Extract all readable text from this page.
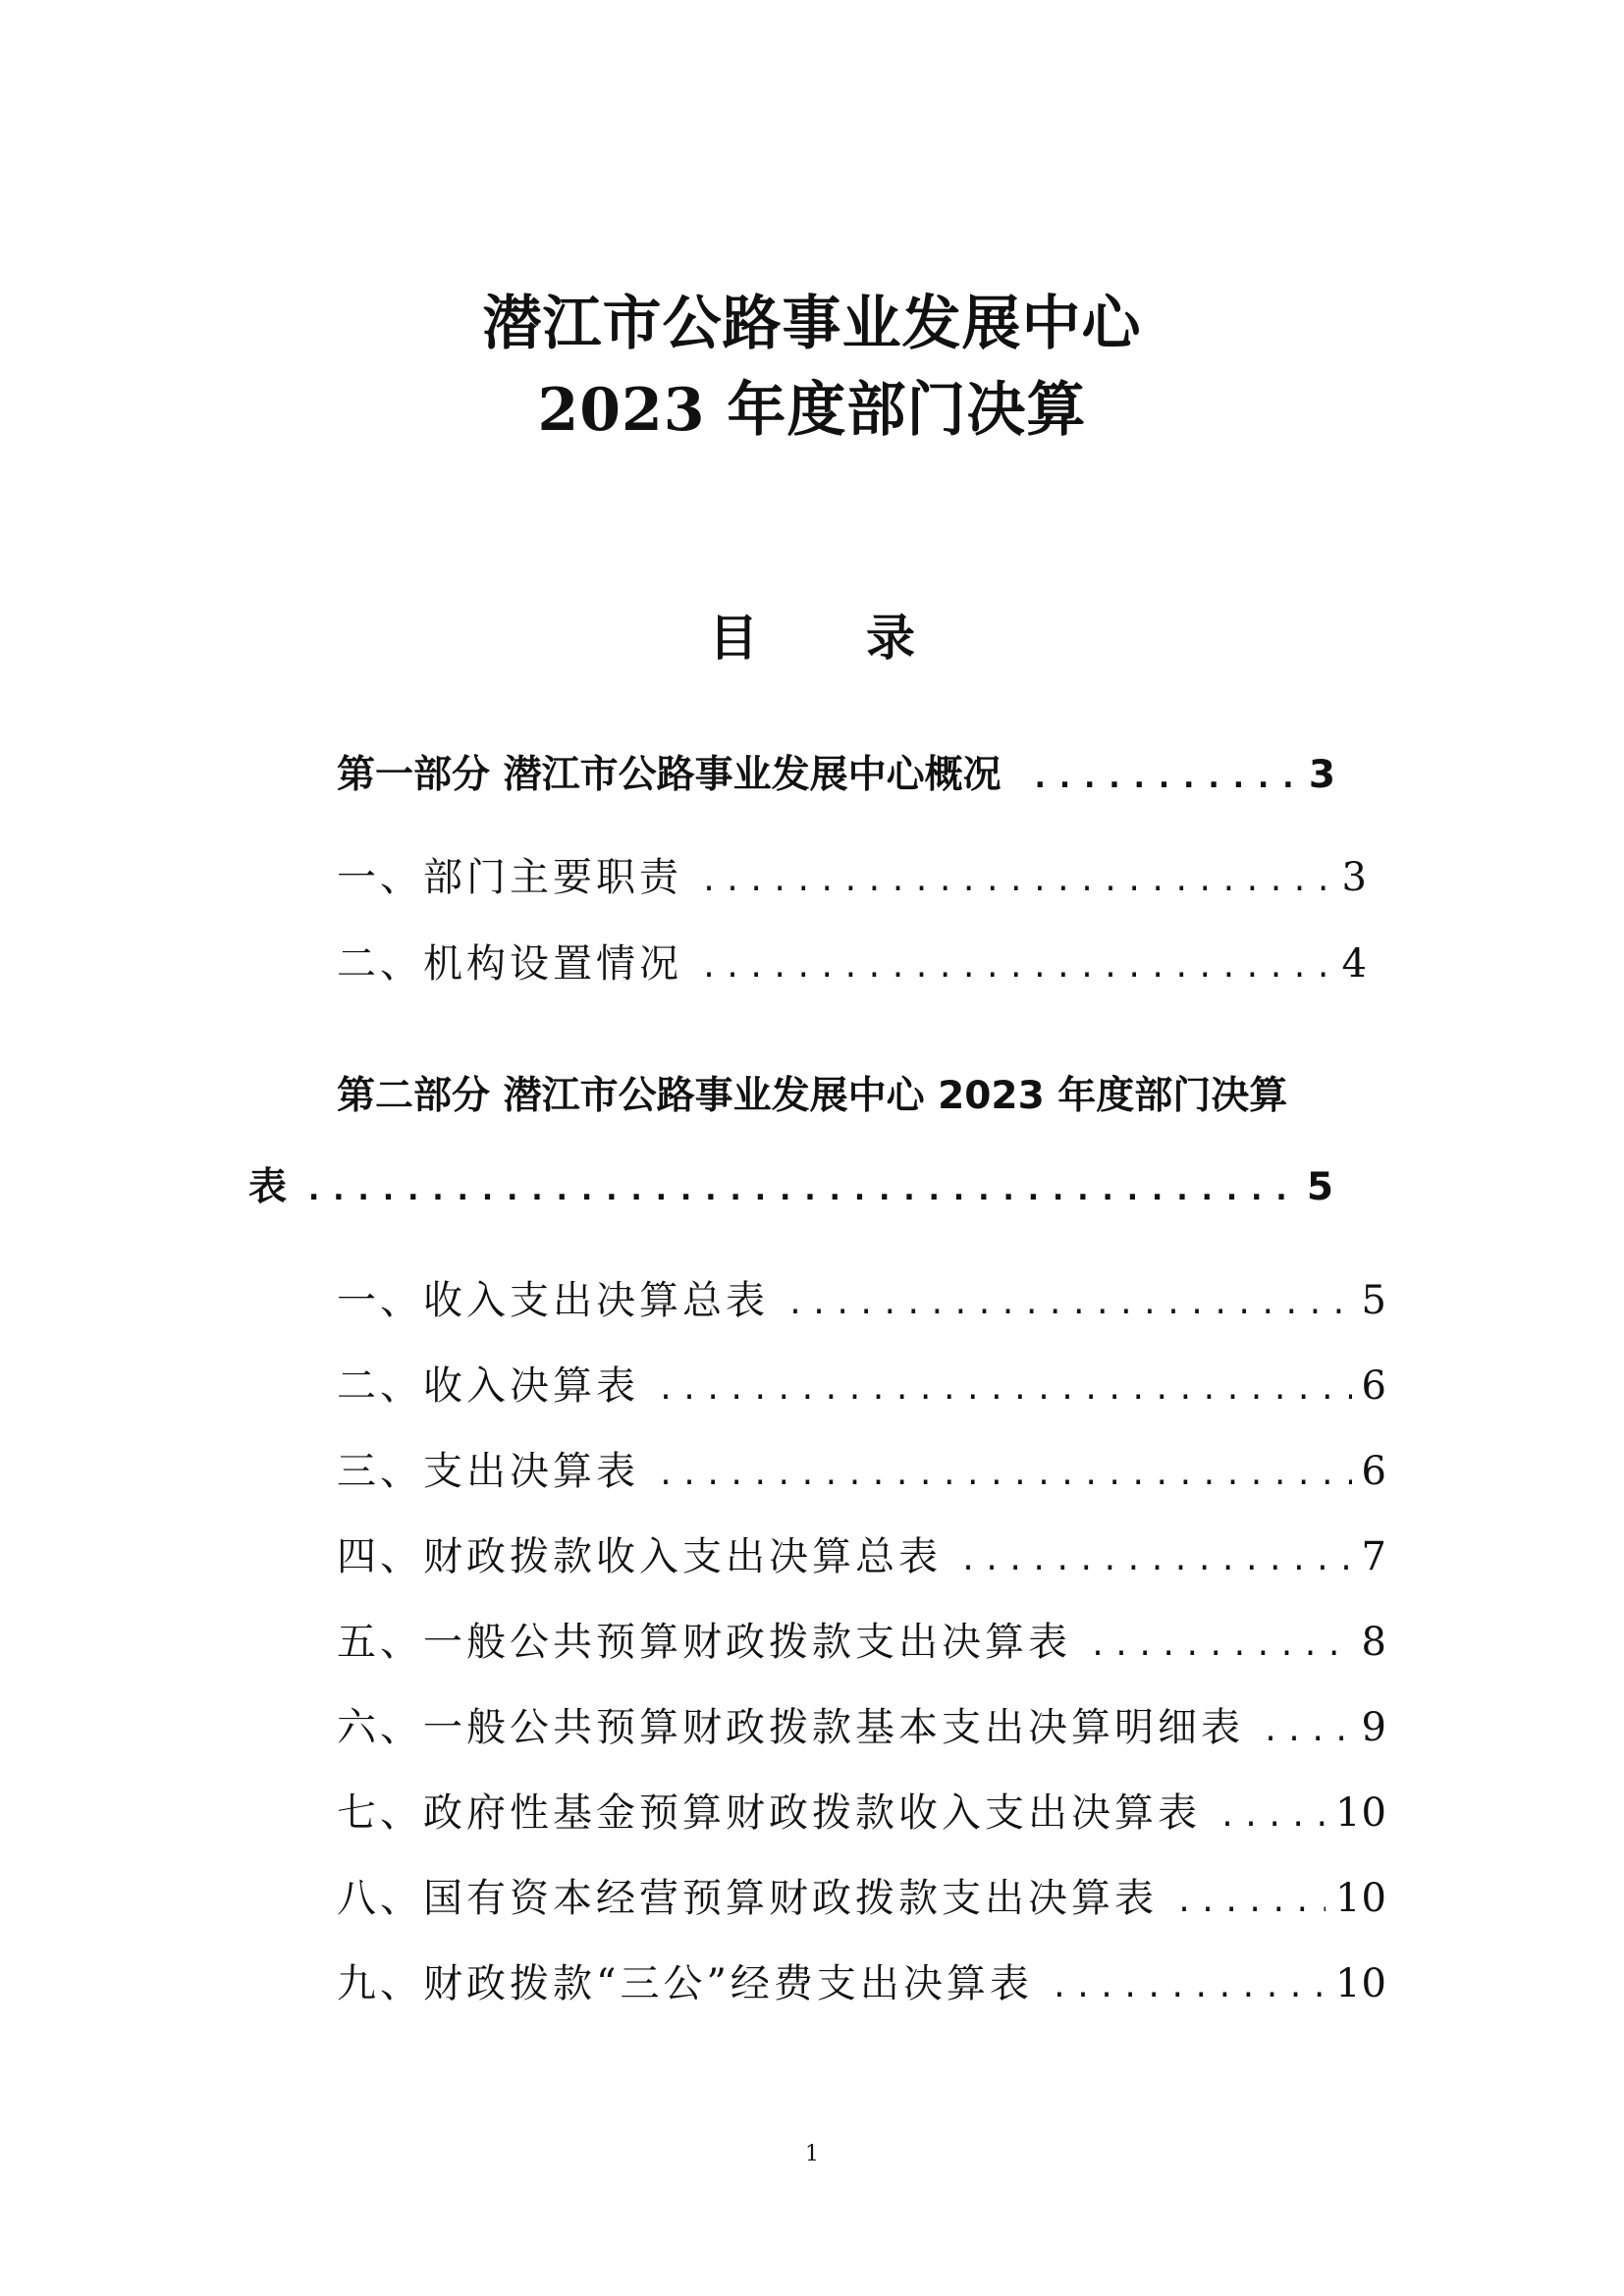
潜江市公路事业发展中心
2023 年度部门决算
目 录
第一部分 潜江市公路事业发展中心概况 .....	3
一、部门主要职责 .....	3
二、机构设置情况 .....	4
第二部分 潜江市公路事业发展中心 2023 年度部门决算
表 .....	5
一、收入支出决算总表 .....	5
二、收入决算表 .....	6
三、支出决算表 .....	6
四、财政拨款收入支出决算总表 .....	7
五、一般公共预算财政拨款支出决算表 .....	8
六、一般公共预算财政拨款基本支出决算明细表 .....	9
七、政府性基金预算财政拨款收入支出决算表 .....	10
八、国有资本经营预算财政拨款支出决算表 .....	10
九、财政拨款“三公”经费支出决算表 .....	10
1
